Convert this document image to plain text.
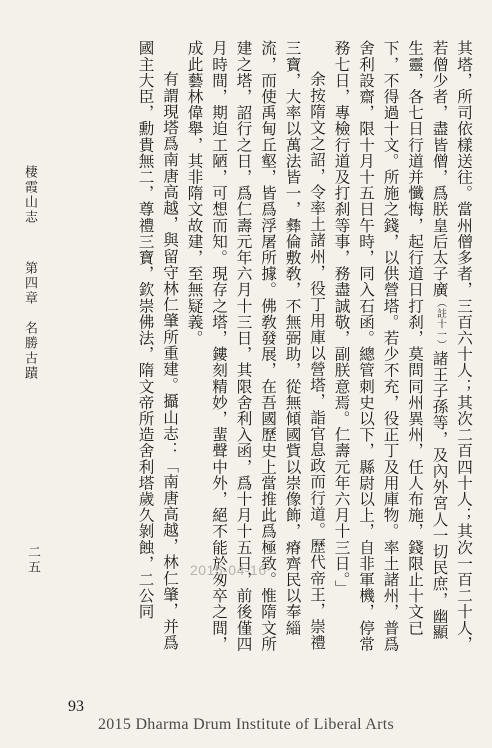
其塔，所司依樣送往。當州僧多者，三百六十人；其次二百四十人；其次一百二十人，若僧少者，盡皆僧，爲朕皇后太子廣（註十一）諸王子孫等，及內外宮人一切民庶，幽顯生靈，各七日行道并懺悔，起行道日打刹，莫問同州異州，任人布施，錢限止十文已下，不得過十文。所施之錢，以供營塔。若少不充，役正丁及用庫物。率土諸州，普爲舍利設齋，限十月十五日午時，同入石函。總管刺史以下，縣尉以上，自非軍機，停常務七日，專檢行道及打刹等事，務盡誠敬，副朕意焉。仁壽元年六月十三日。」

余按隋文之詔，令率土諸州，役丁用庫以營塔，詣官息政而行道。歷代帝王，崇禮三寶，大率以萬法皆一，彝倫敷敎，不無弼助，從無傾國貲以崇像飾，瘠齊民以奉緇流，而使禹甸丘壑，皆爲浮屠所據。佛敎發展，在吾國歷史上當推此爲極致。惟隋文所建之塔，詔行之日，爲仁壽元年六月十三日，其限舍利入函，爲十月十五日，前後僅四月時間，期迫工陋，可想而知。現存之塔，鏤刻精妙，蜚聲中外，絕不能於匆卒之間，成此藝林偉舉，其非隋文故建，至無疑義。

有謂現塔爲南唐高越，與留守林仁肇所重建。攝山志：「南唐高越，林仁肇，并爲國主大臣，勳貴無二，尊禮三寶，欽崇佛法，隋文帝所造舍利塔歲久剝蝕，二公同

棲霞山志  第四章　名勝古蹟
二五	2015-04-16
93
2015 Dharma Drum Institute of Liberal Arts
